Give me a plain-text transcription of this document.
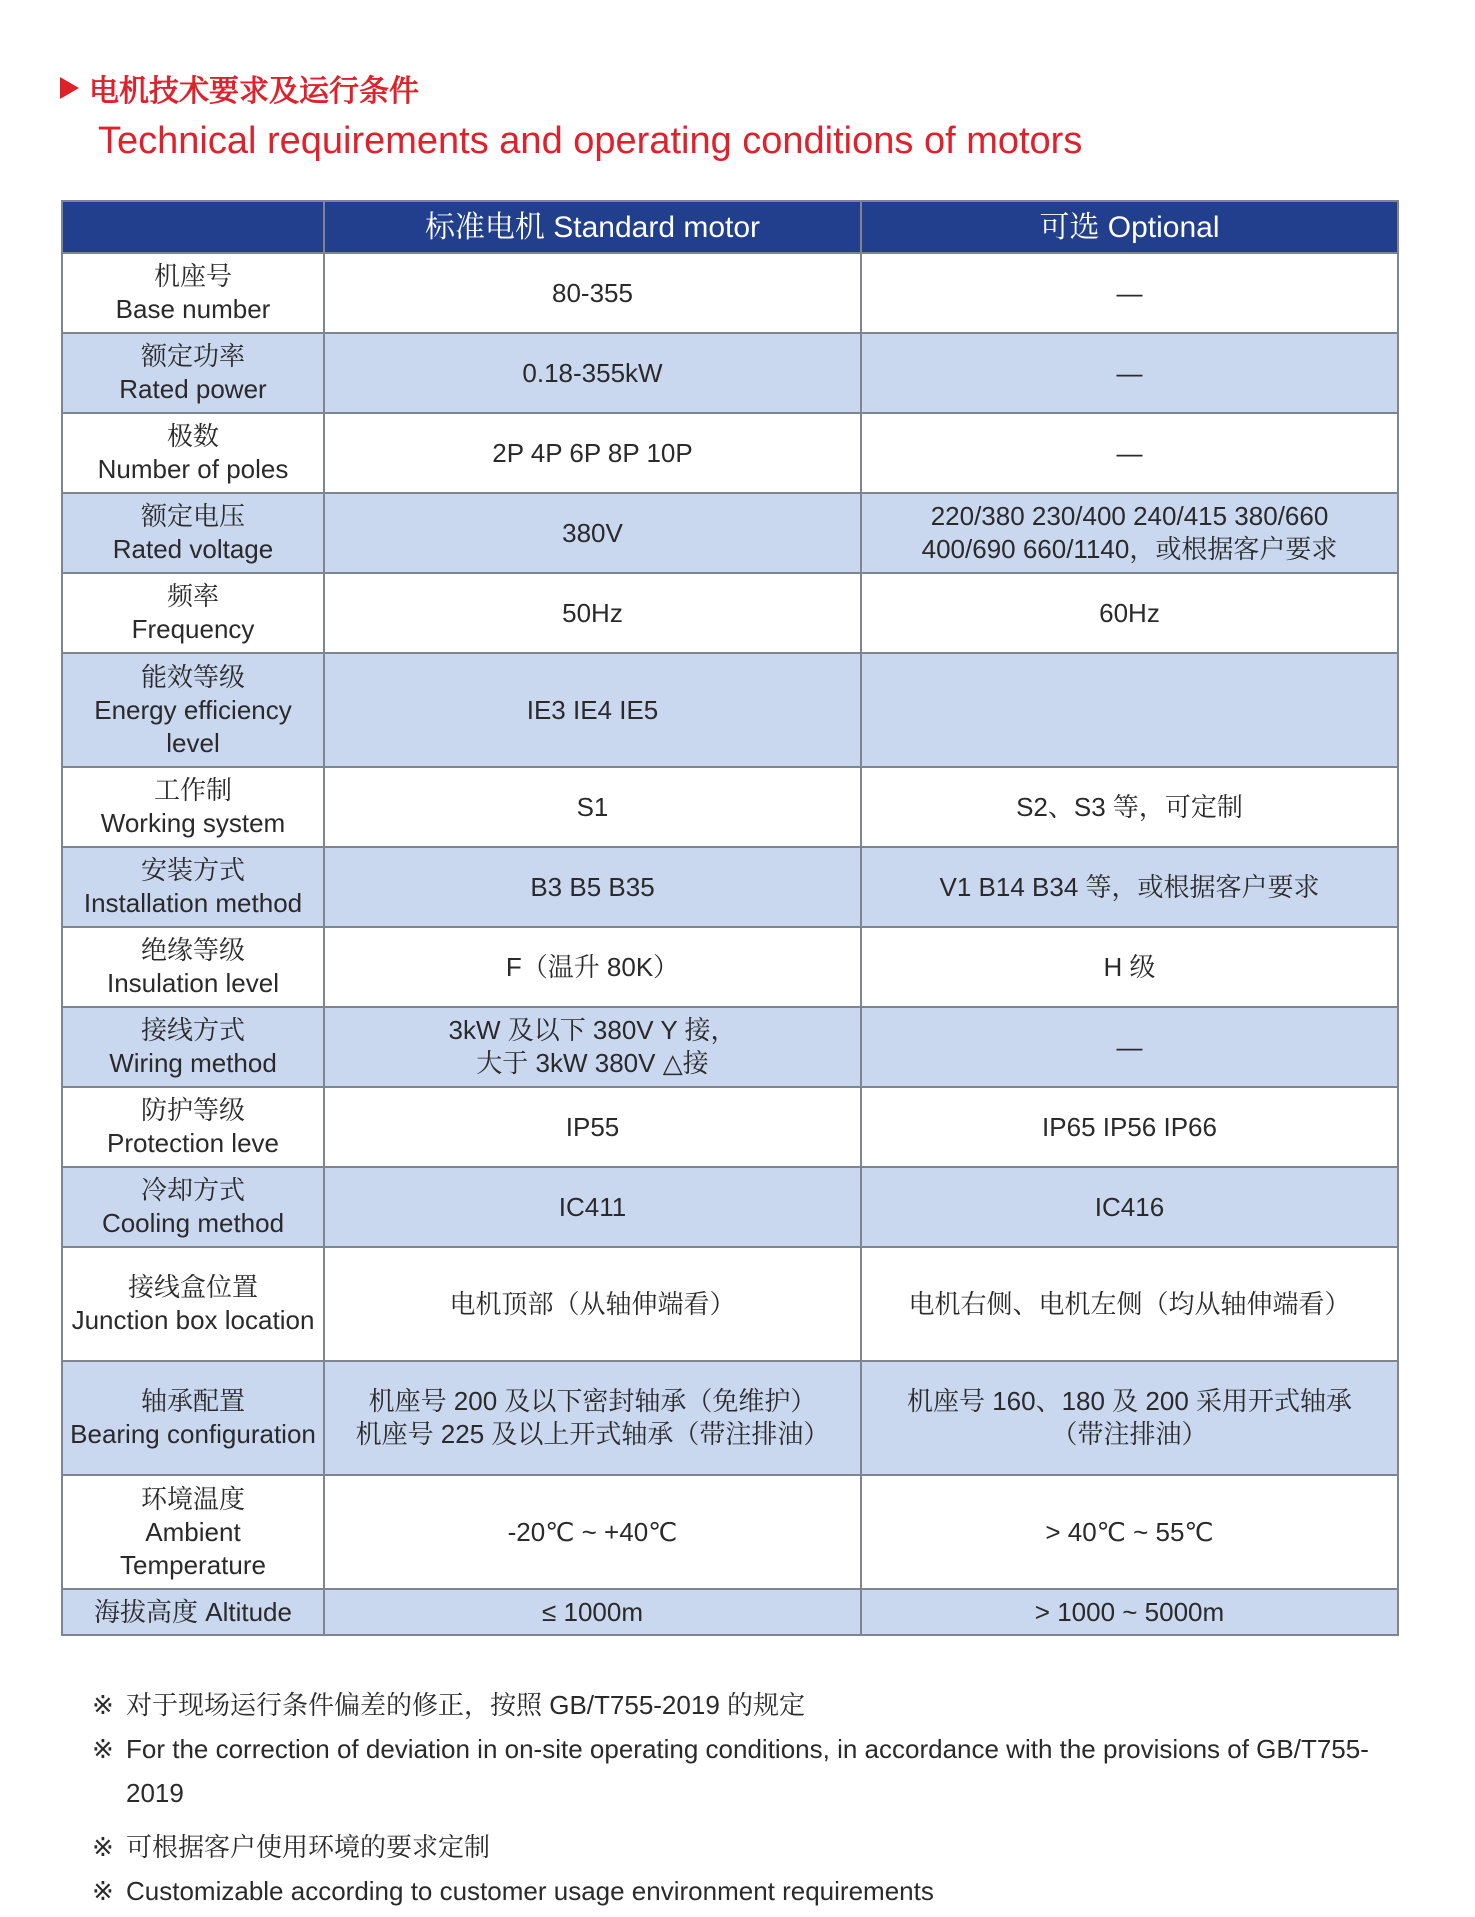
电机技术要求及运行条件
Technical requirements and operating conditions of motors
	标准电机 Standard motor	可选 Optional

机座号
Base number	80-355	—

额定功率
Rated power	0.18-355kW	—

极数
Number of poles	2P 4P 6P 8P 10P	—

额定电压
Rated voltage	380V	220/380 230/400 240/415 380/660
400/690 660/1140，或根据客户要求

频率
Frequency	50Hz	60Hz

能效等级
Energy efficiency level	IE3 IE4 IE5	

工作制
Working system	S1	S2、S3 等，可定制

安装方式
Installation method	B3 B5 B35	V1 B14 B34 等，或根据客户要求

绝缘等级
Insulation level	F（温升 80K）	H 级

接线方式
Wiring method	3kW 及以下 380V Y 接，
大于 3kW 380V △接	—

防护等级
Protection leve	IP55	IP65 IP56 IP66

冷却方式
Cooling method	IC411	IC416

接线盒位置
Junction box location	电机顶部（从轴伸端看）	电机右侧、电机左侧（均从轴伸端看）

轴承配置
Bearing configuration	机座号 200 及以下密封轴承（免维护）
机座号 225 及以上开式轴承（带注排油）	机座号 160、180 及 200 采用开式轴承
（带注排油）

环境温度
Ambient Temperature	-20℃ ~ +40℃	> 40℃ ~ 55℃

海拔高度 Altitude	≤ 1000m	> 1000 ~ 5000m
※ 对于现场运行条件偏差的修正，按照 GB/T755-2019 的规定
※ For the correction of deviation in on-site operating conditions, in accordance with the provisions of GB/T755-2019
※ 可根据客户使用环境的要求定制
※ Customizable according to customer usage environment requirements
